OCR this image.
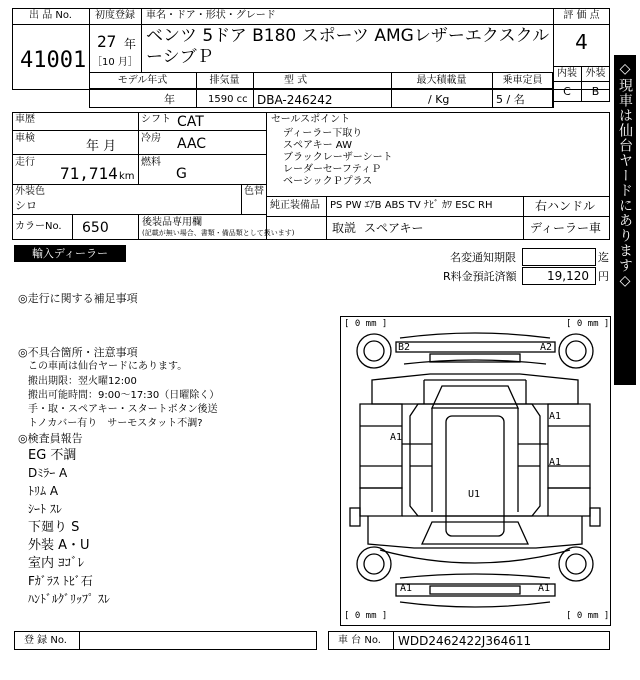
出 品 No.
41001
初度登録
27 年
［10 月］
車名・ドア・形状・グレード
ベンツ 5ドア B180 スポーツ AMGレザーエクスクル
ーシブＰ
評 価 点
4
モデル年式
年
排気量
1590 cc
型 式
DBA-246242
最大積載量
/ Kg
乗車定員
5 / 名
内装 外装
C	B
車歴	シフト CAT
車検
年 月
冷房 AAC
走行
71,714 km
燃料
G
外装色
シロ
色替
カラーNo. 650	後装品専用欄
(記載が無い場合、書類・備品類として扱います)
セールスポイント
ディーラー下取り
スペアキー AW
ブラックレーザーシート
レーダーセーフティＰ
ベーシックＰプラス
純正装備品 PS PW ｴｱB ABS TV ﾅﾋﾞ ｶﾜ ESC RH	右ハンドル
取説 スペアキー	ディーラー車
輸入ディーラー	名変通知期限	迄
R料金預託済額	19,120 円
◎走行に関する補足事項
◎不具合箇所・注意事項
この車両は仙台ヤードにあります。
搬出期限：翌火曜12:00
搬出可能時間：9:00～17:30（日曜除く）
手・取・スペアキー・スタートボタン後送
トノカバー有り　サーモスタット不調?
◎検査員報告
EG 不調
Dﾐﾗｰ A
ﾄﾘﾑ A
ｼｰﾄ ｽﾚ
下廻り S
外装 A・U
室内 ﾖｺﾞﾚ
Fｶﾞﾗｽ ﾄﾋﾞ石
ﾊﾝﾄﾞﾙｸﾞﾘｯﾌﾟ ｽﾚ
[ 0 mm ]	[ 0 mm ]
[ 0 mm ]	[ 0 mm ]
B2	A2
A1
A1
A1
U1
A1	A1
◇現車は仙台ヤードにあります◇
登 録 No.	車 台 No. WDD2462422J364611
